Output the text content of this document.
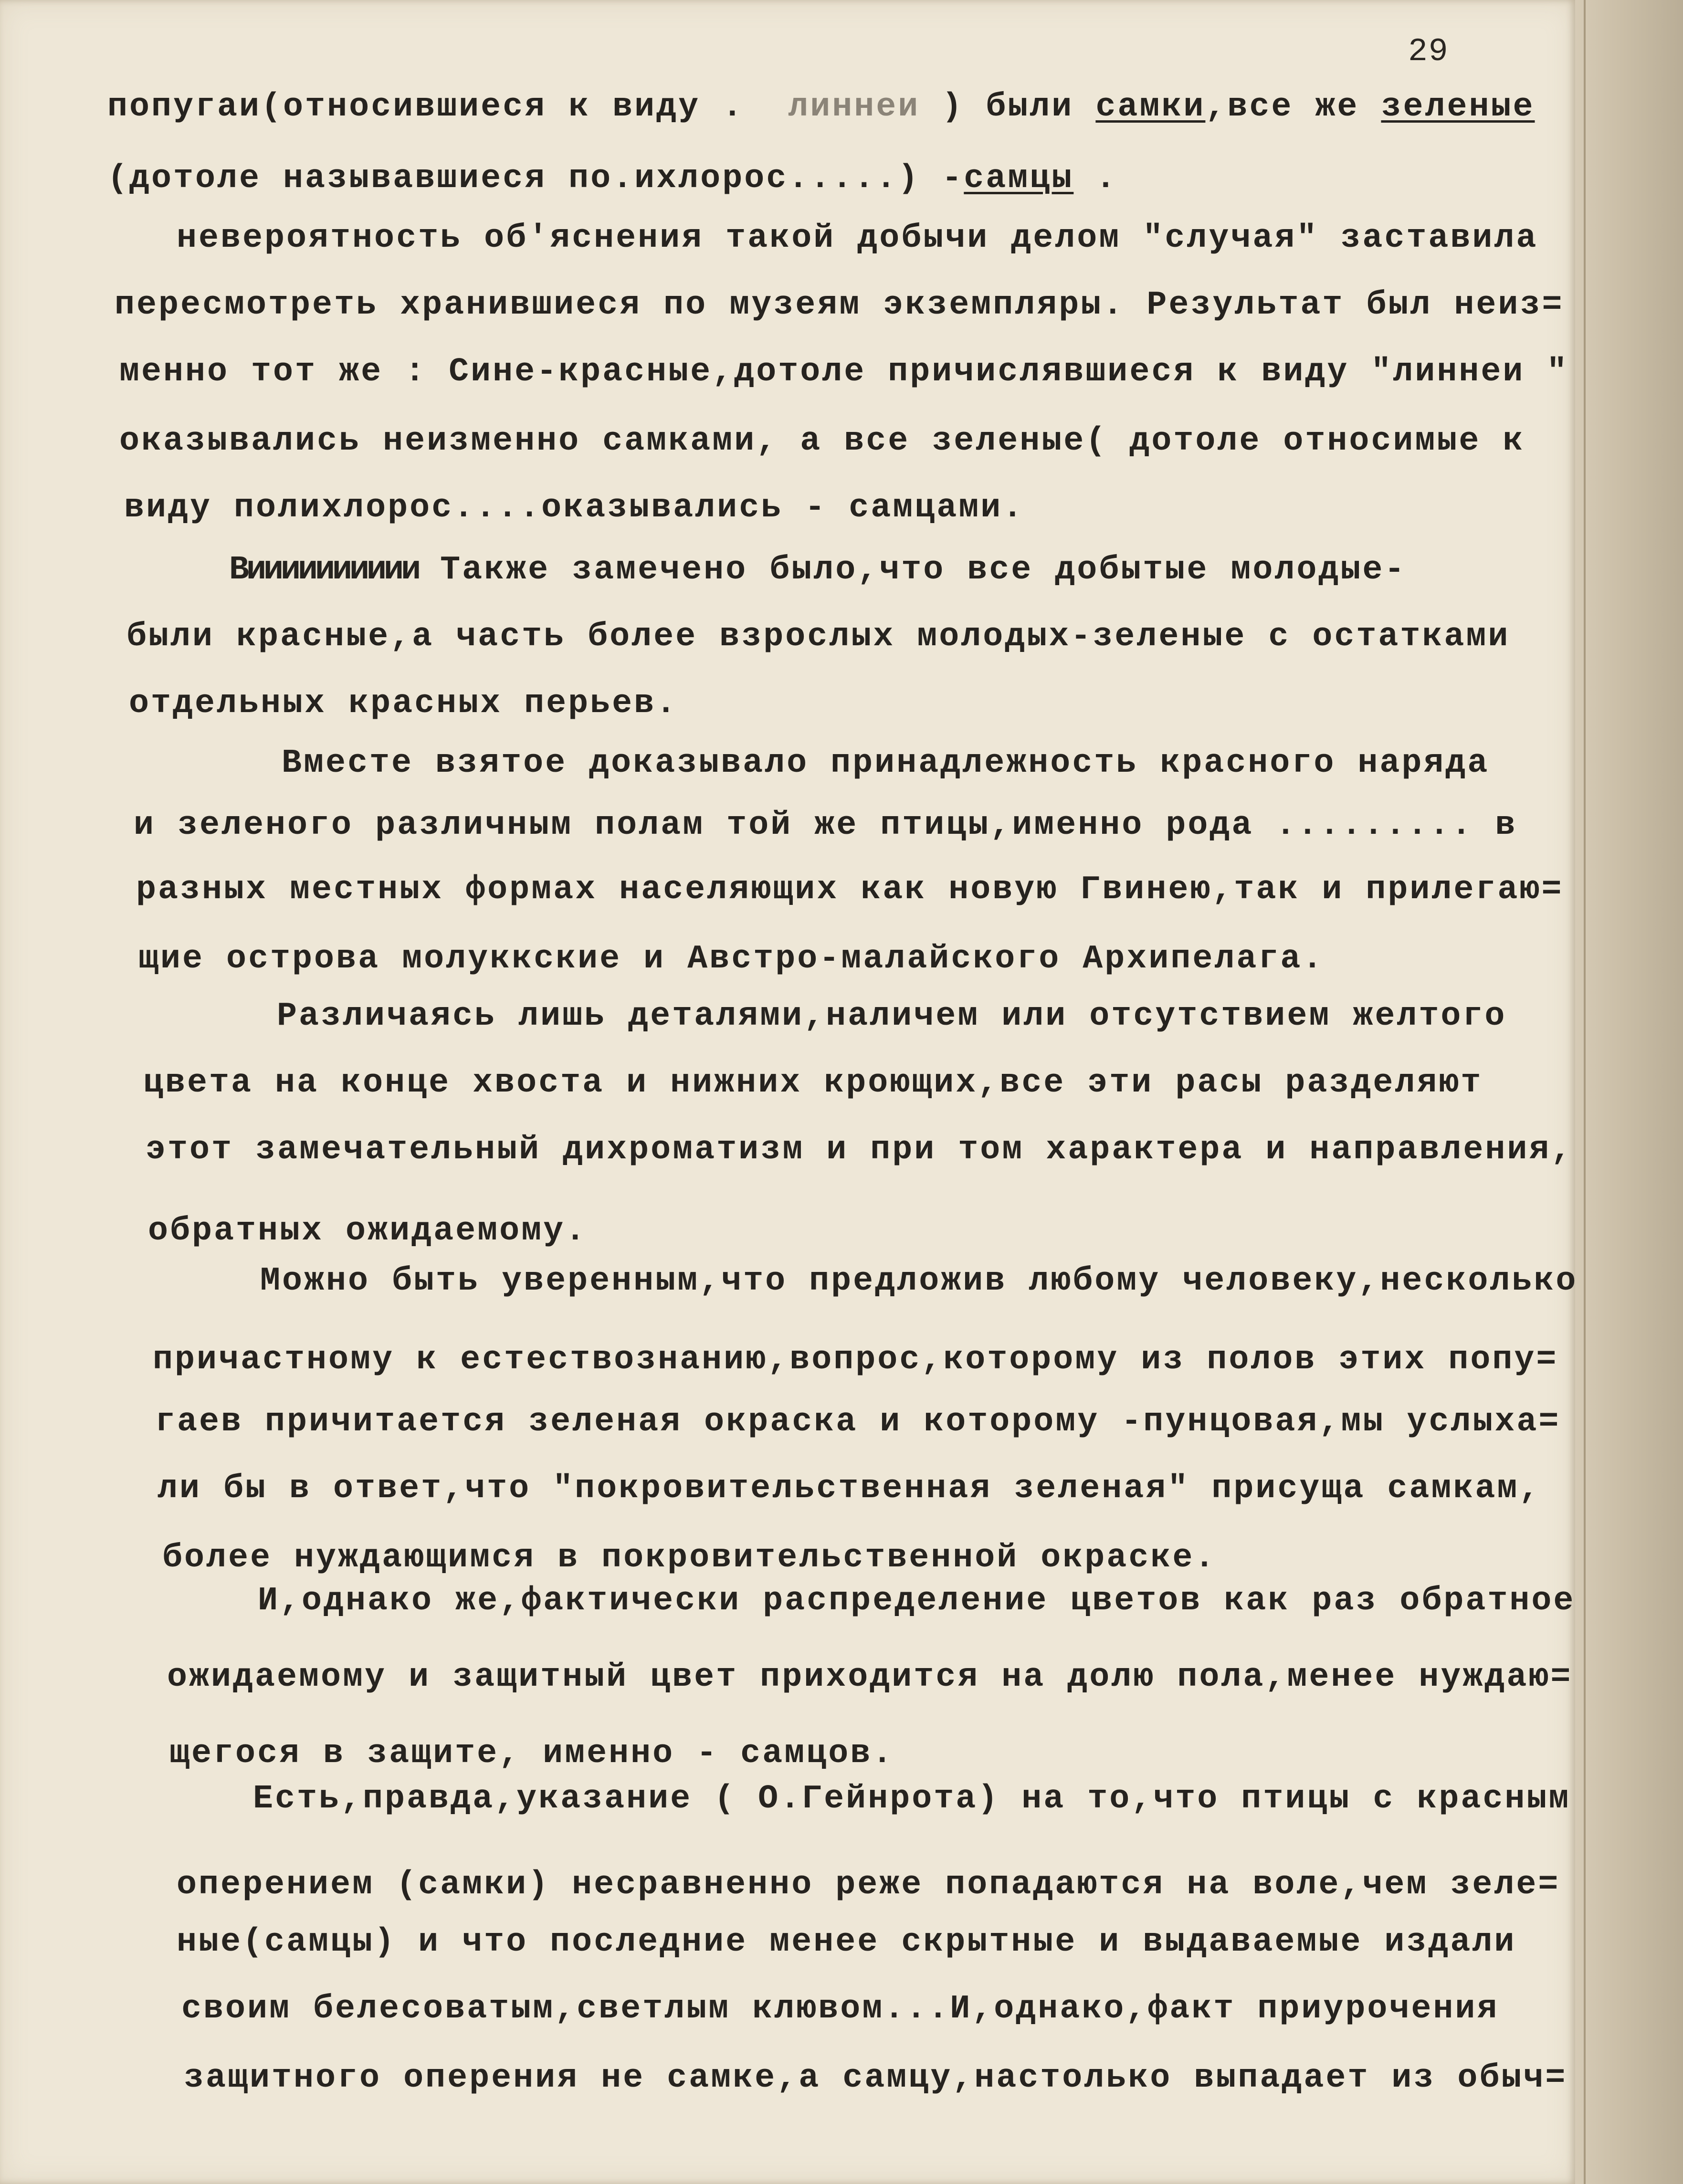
29
попугаи(относившиеся к виду .  линнеи ) были самки,все же зеленые
(дотоле называвшиеся по.ихлорос.....) -самцы .
невероятность об'яснения такой добычи делом "случая" заставила
пересмотреть хранившиеся по музеям экземпляры. Результат был неиз=
менно тот же : Сине-красные,дотоле причислявшиеся к виду "линнеи "
оказывались неизменно самками, а все зеленые( дотоле относимые к
виду полихлорос....оказывались - самцами.
Вииииииииии Также замечено было,что все добытые молодые-
были красные,а часть более взрослых молодых-зеленые с остатками
отдельных красных перьев.
Вместе взятое доказывало принадлежность красного наряда
и зеленого различным полам той же птицы,именно рода ......... в
разных местных формах населяющих как новую Гвинею,так и прилегаю=
щие острова молуккские и Австро-малайского Архипелага.
Различаясь лишь деталями,наличем или отсутствием желтого
цвета на конце хвоста и нижних кроющих,все эти расы разделяют
этот замечательный дихроматизм и при том характера и направления,
обратных ожидаемому.
Можно быть уверенным,что предложив любому человеку,несколько
причастному к естествознанию,вопрос,которому из полов этих попу=
гаев причитается зеленая окраска и которому -пунцовая,мы услыха=
ли бы в ответ,что "покровительственная зеленая" присуща самкам,
более нуждающимся в покровительственной окраске.
И,однако же,фактически распределение цветов как раз обратное
ожидаемому и защитный цвет приходится на долю пола,менее нуждаю=
щегося в защите, именно - самцов.
Есть,правда,указание ( О.Гейнрота) на то,что птицы с красным
оперением (самки) несравненно реже попадаются на воле,чем зеле=
ные(самцы) и что последние менее скрытные и выдаваемые издали
своим белесоватым,светлым клювом...И,однако,факт приурочения
защитного оперения не самке,а самцу,настолько выпадает из обыч=
